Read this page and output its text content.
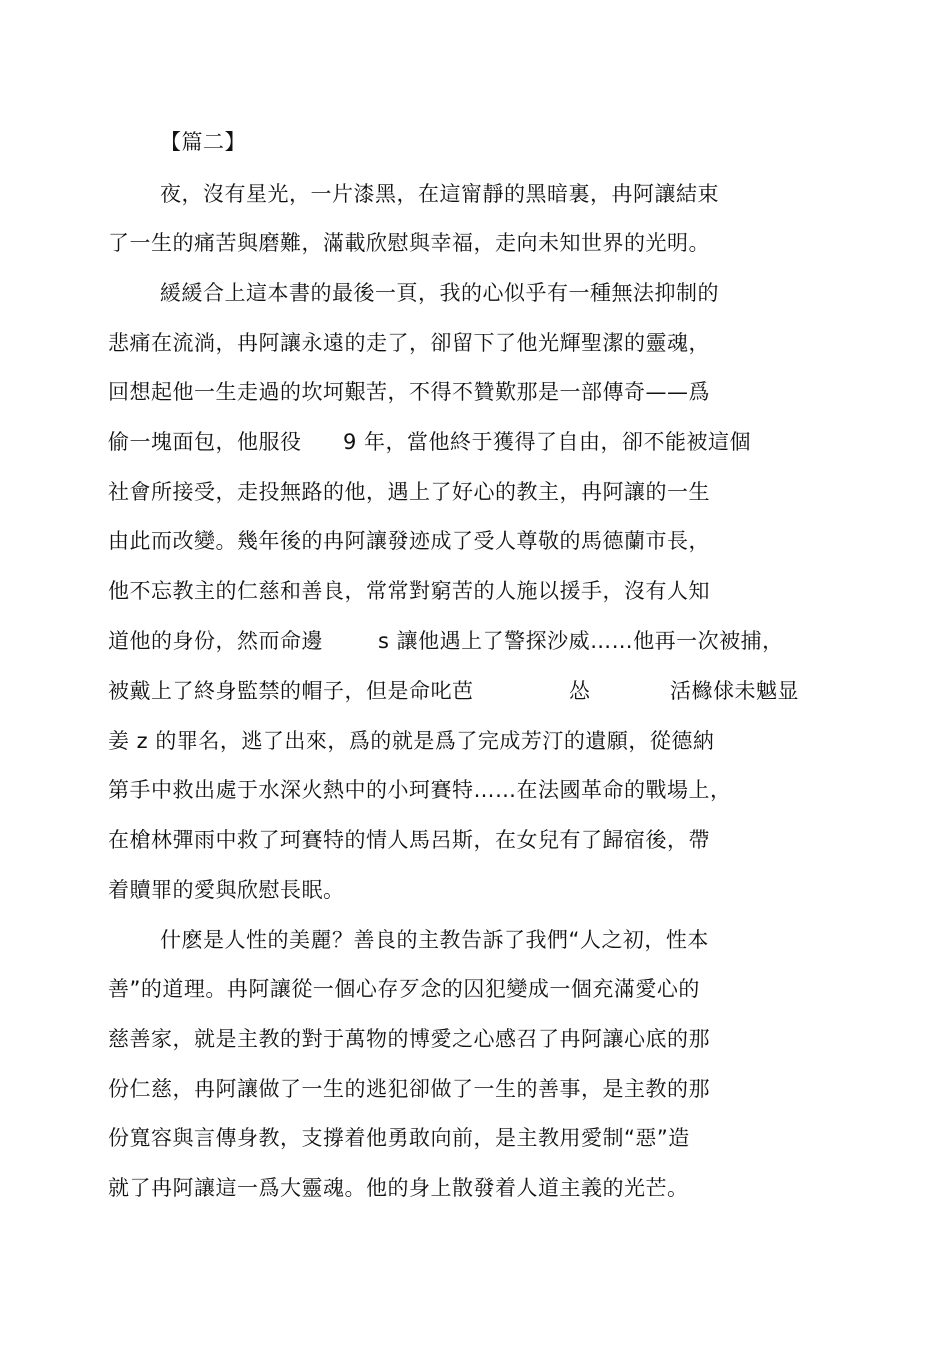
【篇二】
夜，沒有星光，一片漆黑，在這甯靜的黑暗裏，冉阿讓結束
了一生的痛苦與磨難，滿載欣慰與幸福，走向未知世界的光明。
緩緩合上這本書的最後一頁，我的心似乎有一種無法抑制的
悲痛在流淌，冉阿讓永遠的走了，卻留下了他光輝聖潔的靈魂，
回想起他一生走過的坎坷艱苦，不得不贊歎那是一部傳奇——爲
偷一塊面包，他服役 9 年，當他終于獲得了自由，卻不能被這個
社會所接受，走投無路的他，遇上了好心的教主，冉阿讓的一生
由此而改變。幾年後的冉阿讓發迹成了受人尊敬的馬德蘭市長，
他不忘教主的仁慈和善良，常常對窮苦的人施以援手，沒有人知
道他的身份，然而命邊	s 讓他遇上了警探沙威……他再一次被捕，
被戴上了終身監禁的帽子，但是命叱芭	怂	活櫞俅未魆显
姜 z 的罪名，逃了出來，爲的就是爲了完成芳汀的遺願，從德納
第手中救出處于水深火熱中的小珂賽特……在法國革命的戰場上，
在槍林彈雨中救了珂賽特的情人馬呂斯，在女兒有了歸宿後，帶
着贖罪的愛與欣慰長眠。
什麽是人性的美麗？善良的主教告訴了我們“人之初，性本
善”的道理。冉阿讓從一個心存歹念的囚犯變成一個充滿愛心的
慈善家，就是主教的對于萬物的博愛之心感召了冉阿讓心底的那
份仁慈，冉阿讓做了一生的逃犯卻做了一生的善事，是主教的那
份寬容與言傳身教，支撐着他勇敢向前，是主教用愛制“惡”造
就了冉阿讓這一爲大靈魂。他的身上散發着人道主義的光芒。
